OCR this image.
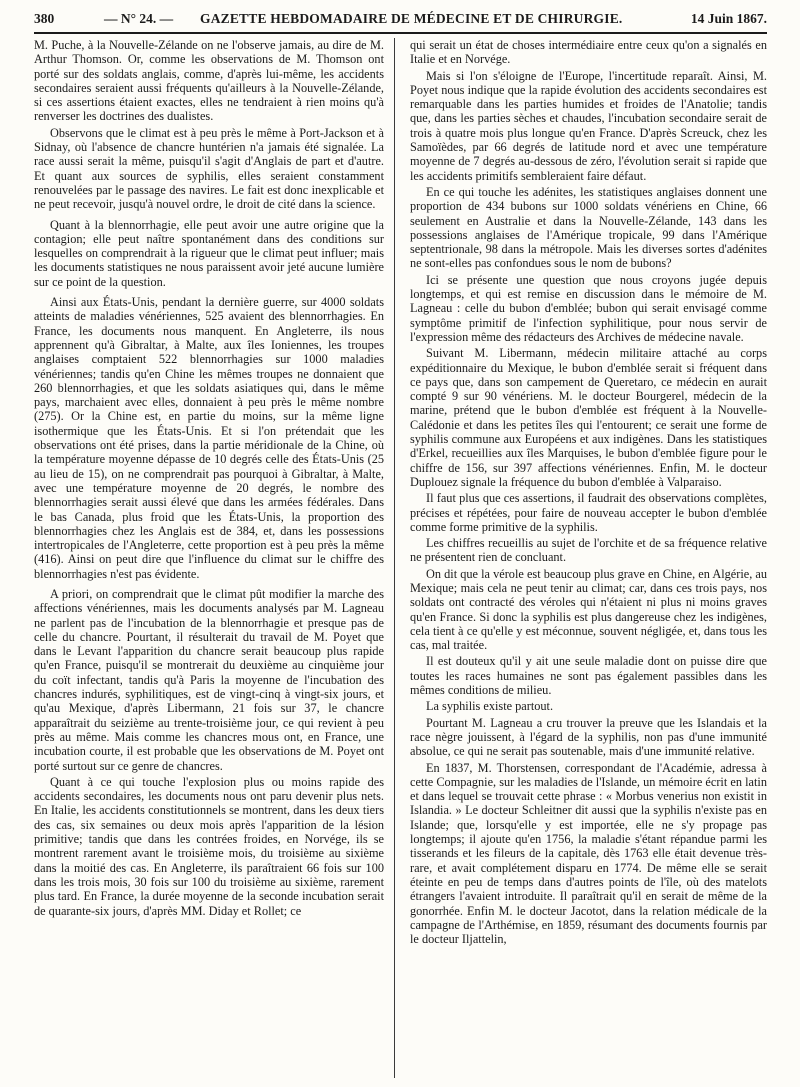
380	— N° 24. — GAZETTE HEBDOMADAIRE DE MÉDECINE ET DE CHIRURGIE.	14 Juin 1867.

M. Puche, à la Nouvelle-Zélande on ne l'observe jamais, au dire de M. Arthur Thomson. Or, comme les observations de M. Thomson ont porté sur des soldats anglais, comme, d'après lui-même, les accidents secondaires seraient aussi fréquents qu'ailleurs à la Nouvelle-Zélande, si ces assertions étaient exactes, elles ne tendraient à rien moins qu'à renverser les doctrines des dualistes.

Observons que le climat est à peu près le même à Port-Jackson et à Sidnay, où l'absence de chancre huntérien n'a jamais été signalée. La race aussi serait la même, puisqu'il s'agit d'Anglais de part et d'autre. Et quant aux sources de syphilis, elles seraient constamment renouvelées par le passage des navires. Le fait est donc inexplicable et ne peut recevoir, jusqu'à nouvel ordre, le droit de cité dans la science.

Quant à la blennorrhagie, elle peut avoir une autre origine que la contagion; elle peut naître spontanément dans des conditions sur lesquelles on comprendrait à la rigueur que le climat peut influer; mais les documents statistiques ne nous paraissent avoir jeté aucune lumière sur ce point de la question.

Ainsi aux États-Unis, pendant la dernière guerre, sur 4000 soldats atteints de maladies vénériennes, 525 avaient des blennorrhagies. En France, les documents nous manquent. En Angleterre, ils nous apprennent qu'à Gibraltar, à Malte, aux îles Ioniennes, les troupes anglaises comptaient 522 blennorrhagies sur 1000 maladies vénériennes; tandis qu'en Chine les mêmes troupes ne donnaient que 260 blennorrhagies, et que les soldats asiatiques qui, dans le même pays, marchaient avec elles, donnaient à peu près le même nombre (275). Or la Chine est, en partie du moins, sur la même ligne isothermique que les États-Unis. Et si l'on prétendait que les observations ont été prises, dans la partie méridionale de la Chine, où la température moyenne dépasse de 10 degrés celle des États-Unis (25 au lieu de 15), on ne comprendrait pas pourquoi à Gibraltar, à Malte, avec une température moyenne de 20 degrés, le nombre des blennorrhagies serait aussi élevé que dans les armées fédérales. Dans le bas Canada, plus froid que les États-Unis, la proportion des blennorrhagies chez les Anglais est de 384, et, dans les possessions intertropicales de l'Angleterre, cette proportion est à peu près la même (416). Ainsi on peut dire que l'influence du climat sur le chiffre des blennorrhagies n'est pas évidente.

A priori, on comprendrait que le climat pût modifier la marche des affections vénériennes, mais les documents analysés par M. Lagneau ne parlent pas de l'incubation de la blennorrhagie et presque pas de celle du chancre. Pourtant, il résulterait du travail de M. Poyet que dans le Levant l'apparition du chancre serait beaucoup plus rapide qu'en France, puisqu'il se montrerait du deuxième au cinquième jour du coït infectant, tandis qu'à Paris la moyenne de l'incubation des chancres indurés, syphilitiques, est de vingt-cinq à vingt-six jours, et qu'au Mexique, d'après Libermann, 21 fois sur 37, le chancre apparaîtrait du seizième au trente-troisième jour, ce qui revient à peu près au même. Mais comme les chancres mous ont, en France, une incubation courte, il est probable que les observations de M. Poyet ont porté surtout sur ce genre de chancres.

Quant à ce qui touche l'explosion plus ou moins rapide des accidents secondaires, les documents nous ont paru devenir plus nets. En Italie, les accidents constitutionnels se montrent, dans les deux tiers des cas, six semaines ou deux mois après l'apparition de la lésion primitive; tandis que dans les contrées froides, en Norvége, ils se montrent rarement avant le troisième mois, du troisième au sixième dans la moitié des cas. En Angleterre, ils paraîtraient 66 fois sur 100 dans les trois mois, 30 fois sur 100 du troisième au sixième, rarement plus tard. En France, la durée moyenne de la seconde incubation serait de quarante-six jours, d'après MM. Diday et Rollet; ce

qui serait un état de choses intermédiaire entre ceux qu'on a signalés en Italie et en Norvége.

Mais si l'on s'éloigne de l'Europe, l'incertitude reparaît. Ainsi, M. Poyet nous indique que la rapide évolution des accidents secondaires est remarquable dans les parties humides et froides de l'Anatolie; tandis que, dans les parties sèches et chaudes, l'incubation secondaire serait de trois à quatre mois plus longue qu'en France. D'après Screuck, chez les Samoïèdes, par 66 degrés de latitude nord et avec une température moyenne de 7 degrés au-dessous de zéro, l'évolution serait si rapide que les accidents primitifs sembleraient faire défaut.

En ce qui touche les adénites, les statistiques anglaises donnent une proportion de 434 bubons sur 1000 soldats vénériens en Chine, 66 seulement en Australie et dans la Nouvelle-Zélande, 143 dans les possessions anglaises de l'Amérique tropicale, 99 dans l'Amérique septentrionale, 98 dans la métropole. Mais les diverses sortes d'adénites ne sont-elles pas confondues sous le nom de bubons?

Ici se présente une question que nous croyons jugée depuis longtemps, et qui est remise en discussion dans le mémoire de M. Lagneau : celle du bubon d'emblée; bubon qui serait envisagé comme symptôme primitif de l'infection syphilitique, pour nous servir de l'expression même des rédacteurs des Archives de médecine navale.

Suivant M. Libermann, médecin militaire attaché au corps expéditionnaire du Mexique, le bubon d'emblée serait si fréquent dans ce pays que, dans son campement de Queretaro, ce médecin en aurait compté 9 sur 90 vénériens. M. le docteur Bourgerel, médecin de la marine, prétend que le bubon d'emblée est fréquent à la Nouvelle-Calédonie et dans les petites îles qui l'entourent; ce serait une forme de syphilis commune aux Européens et aux indigènes. Dans les statistiques d'Erkel, recueillies aux îles Marquises, le bubon d'emblée figure pour le chiffre de 156, sur 397 affections vénériennes. Enfin, M. le docteur Duplouez signale la fréquence du bubon d'emblée à Valparaiso.

Il faut plus que ces assertions, il faudrait des observations complètes, précises et répétées, pour faire de nouveau accepter le bubon d'emblée comme forme primitive de la syphilis.

Les chiffres recueillis au sujet de l'orchite et de sa fréquence relative ne présentent rien de concluant.

On dit que la vérole est beaucoup plus grave en Chine, en Algérie, au Mexique; mais cela ne peut tenir au climat; car, dans ces trois pays, nos soldats ont contracté des véroles qui n'étaient ni plus ni moins graves qu'en France. Si donc la syphilis est plus dangereuse chez les indigènes, cela tient à ce qu'elle y est méconnue, souvent négligée, et, dans tous les cas, mal traitée.

Il est douteux qu'il y ait une seule maladie dont on puisse dire que toutes les races humaines ne sont pas également passibles dans les mêmes conditions de milieu.

La syphilis existe partout.

Pourtant M. Lagneau a cru trouver la preuve que les Islandais et la race nègre jouissent, à l'égard de la syphilis, non pas d'une immunité absolue, ce qui ne serait pas soutenable, mais d'une immunité relative.

En 1837, M. Thorstensen, correspondant de l'Académie, adressa à cette Compagnie, sur les maladies de l'Islande, un mémoire écrit en latin et dans lequel se trouvait cette phrase : « Morbus venerius non existit in Islandia. » Le docteur Schleitner dit aussi que la syphilis n'existe pas en Islande; que, lorsqu'elle y est importée, elle ne s'y propage pas longtemps; il ajoute qu'en 1756, la maladie s'étant répandue parmi les tisserands et les fileurs de la capitale, dès 1763 elle était devenue très-rare, et avait complétement disparu en 1774. De même elle se serait éteinte en peu de temps dans d'autres points de l'île, où des matelots étrangers l'avaient introduite. Il paraîtrait qu'il en serait de même de la gonorrhée. Enfin M. le docteur Jacotot, dans la relation médicale de la campagne de l'Arthémise, en 1859, résumant des documents fournis par le docteur Iljattelin,
